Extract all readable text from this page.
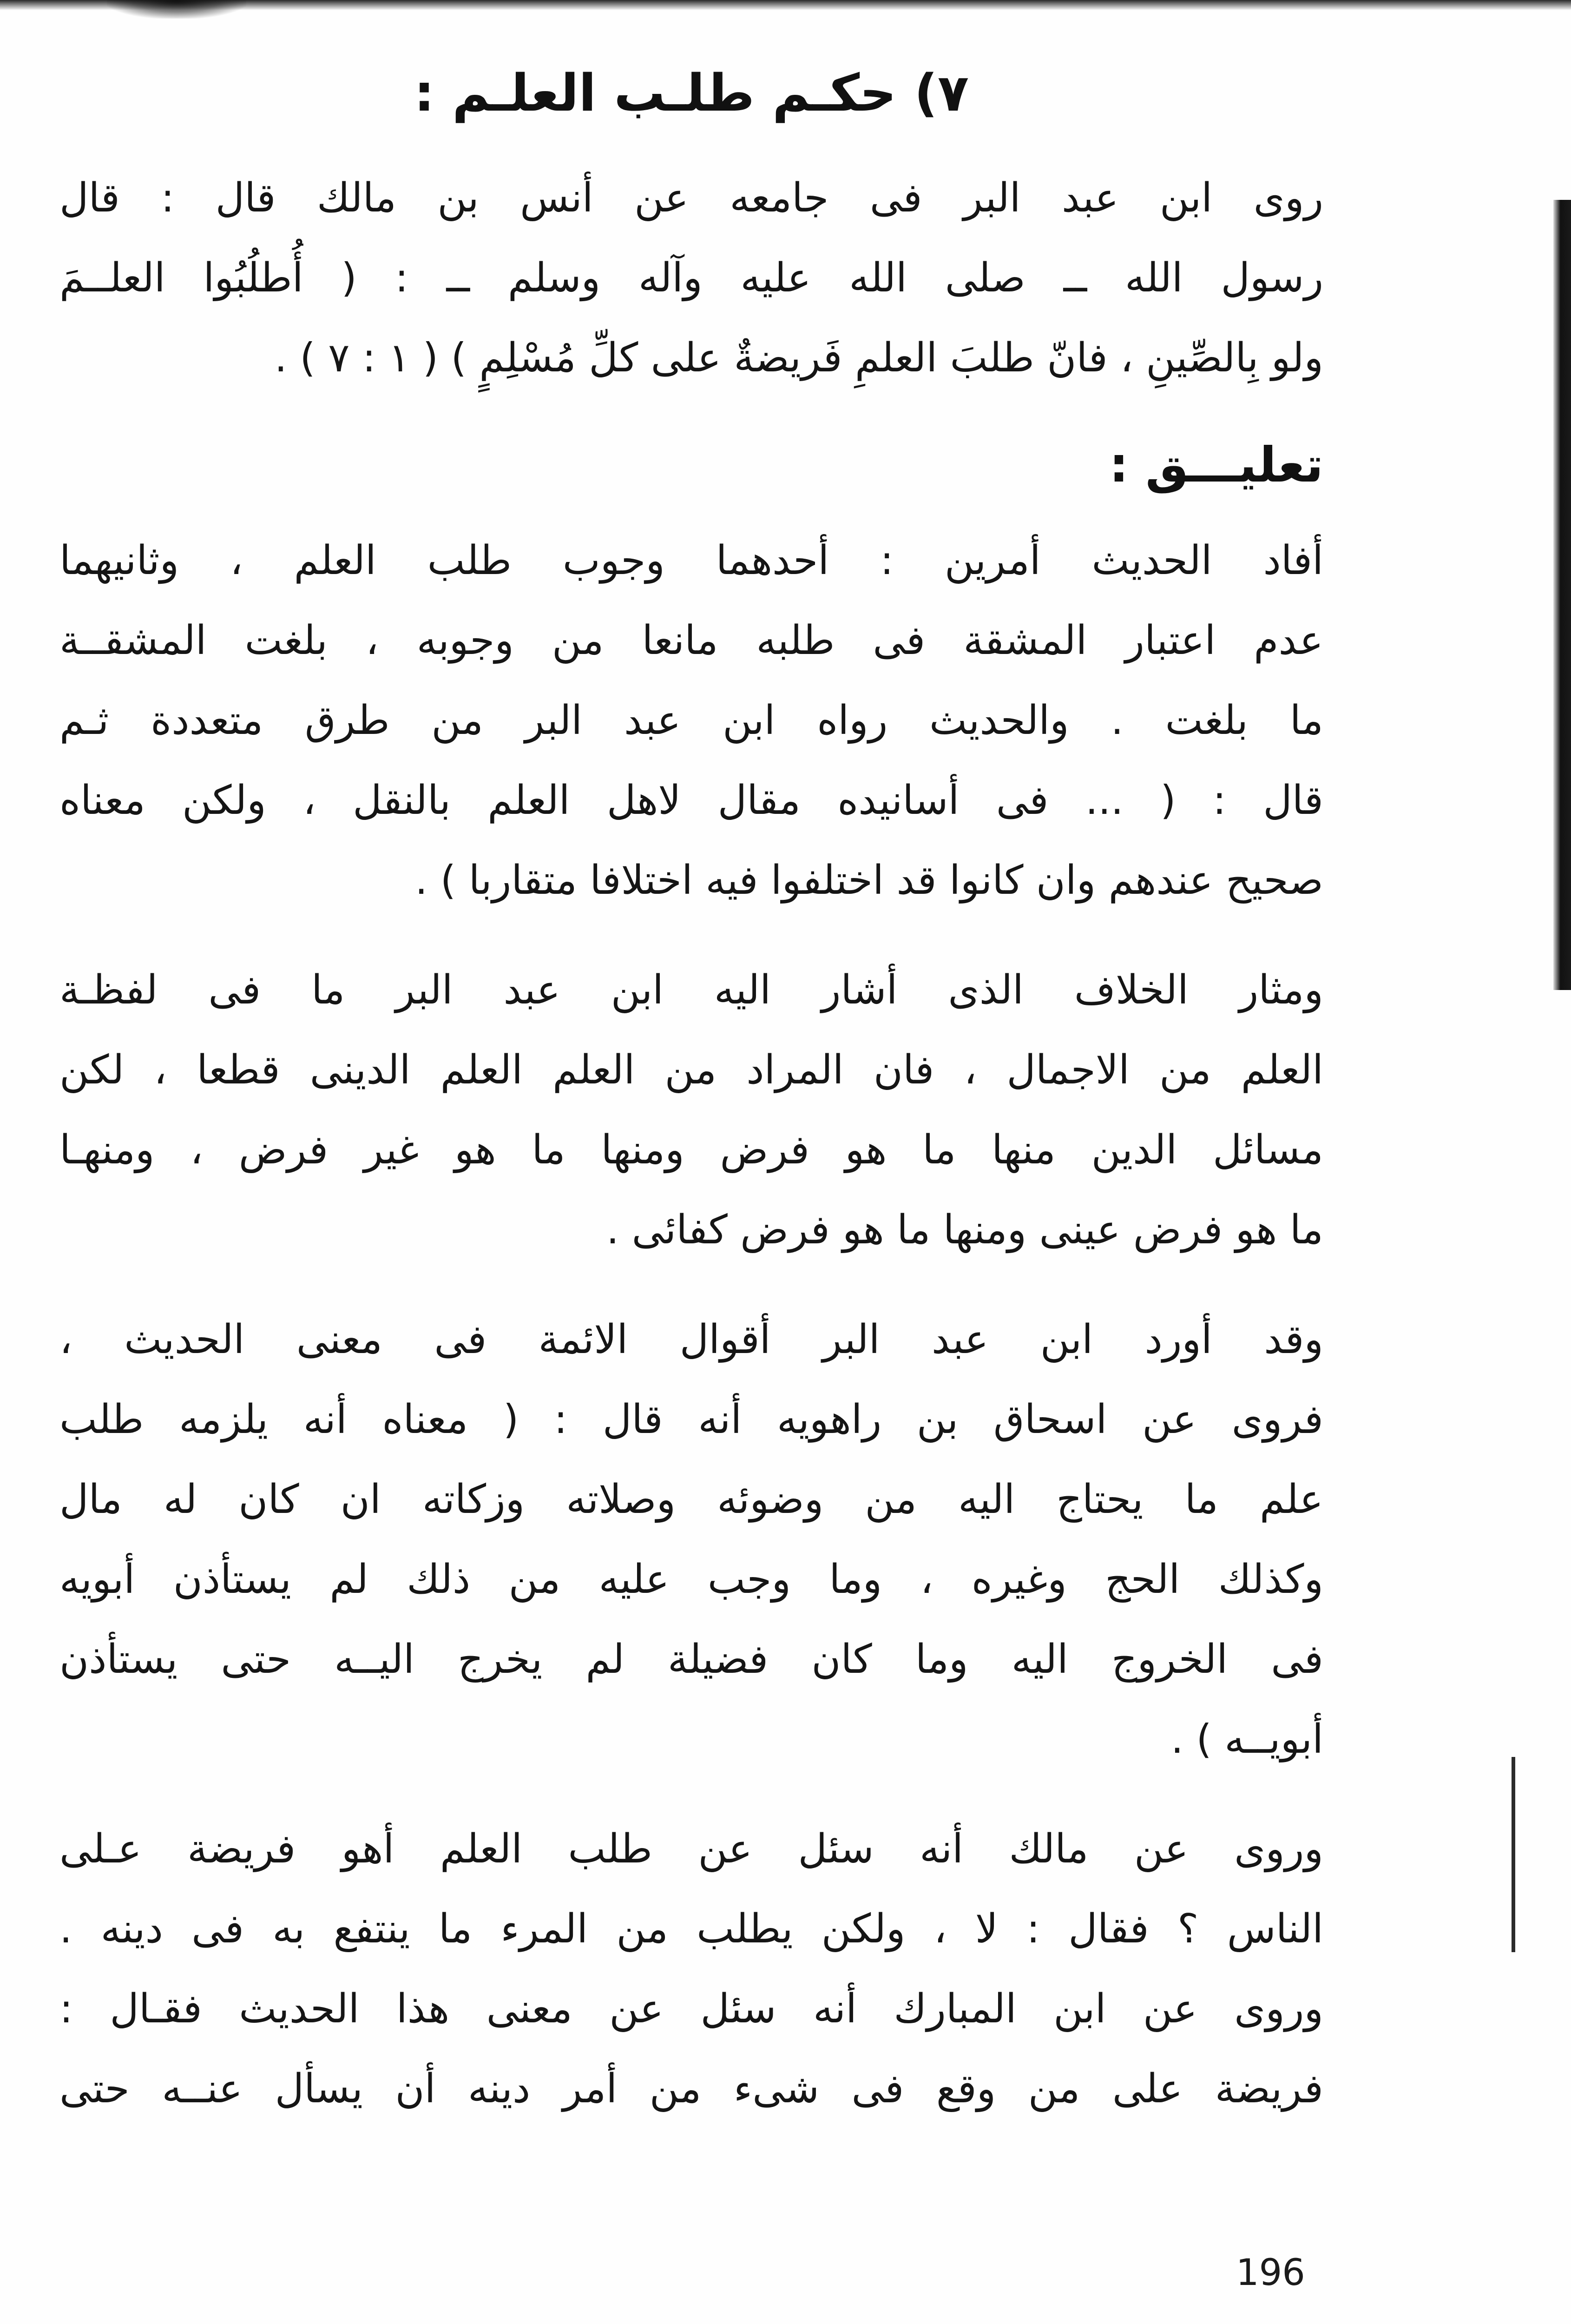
٧) حكـم طلـب العلـم :
روى ابن عبد البر فى جامعه عن أنس بن مالك قال : قال
رسول الله ــ صلى الله عليه وآله وسلم ــ : ( أُطلُبُوا العلــمَ
ولو بِالصِّينِ ، فانّ طلبَ العلمِ فَريضةٌ على كلِّ مُسْلِمٍ ) ( ١ : ٧ ) .
تعليـــق :
أفاد الحديث أمرين : أحدهما وجوب طلب العلم ، وثانيهما
عدم اعتبار المشقة فى طلبه مانعا من وجوبه ، بلغت المشقــة
ما بلغت . والحديث رواه ابن عبد البر من طرق متعددة ثـم
قال : ( ... فى أسانيده مقال لاهل العلم بالنقل ، ولكن معناه
صحيح عندهم وان كانوا قد اختلفوا فيه اختلافا متقاربا ) .
ومثار الخلاف الذى أشار اليه ابن عبد البر ما فى لفظـة
العلم من الاجمال ، فان المراد من العلم العلم الدينى قطعا ، لكن
مسائل الدين منها ما هو فرض ومنها ما هو غير فرض ، ومنهـا
ما هو فرض عينى ومنها ما هو فرض كفائى .
وقد أورد ابن عبد البر أقوال الائمة فى معنى الحديث ،
فروى عن اسحاق بن راهويه أنه قال : ( معناه أنه يلزمه طلب
علم ما يحتاج اليه من وضوئه وصلاته وزكاته ان كان له مال
وكذلك الحج وغيره ، وما وجب عليه من ذلك لم يستأذن أبويه
فى الخروج اليه وما كان فضيلة لم يخرج اليــه حتى يستأذن
أبويــه ) .
وروى عن مالك أنه سئل عن طلب العلم أهو فريضة عـلى
الناس ؟ فقال : لا ، ولكن يطلب من المرء ما ينتفع به فى دينه .
وروى عن ابن المبارك أنه سئل عن معنى هذا الحديث فقـال :
فريضة على من وقع فى شىء من أمر دينه أن يسأل عنــه حتى
196
